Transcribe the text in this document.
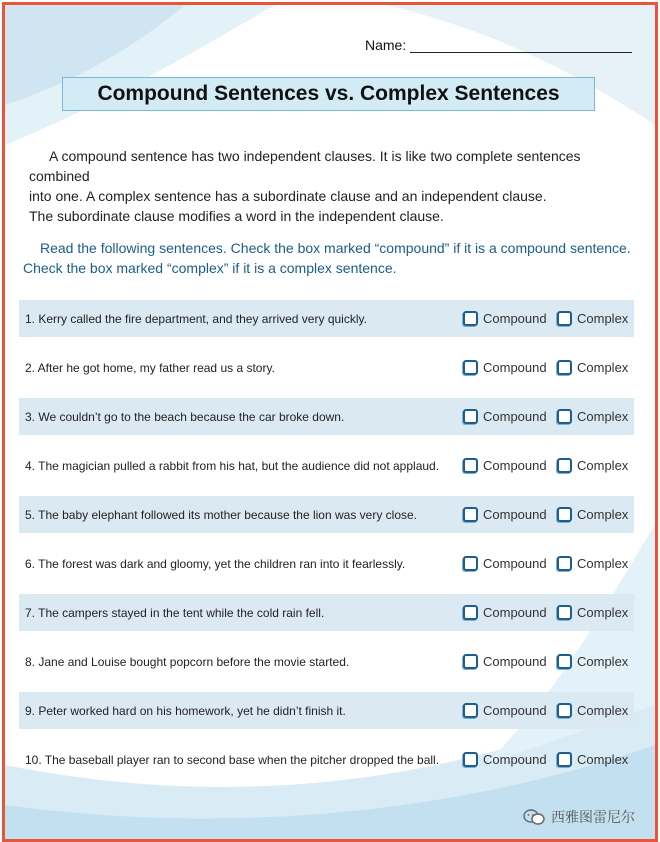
Name:
Compound Sentences vs. Complex Sentences

A compound sentence has two independent clauses. It is like two complete sentences combined

into one. A complex sentence has a subordinate clause and an independent clause.

The subordinate clause modifies a word in the independent clause.

Read the following sentences. Check the box marked “compound” if it is a compound sentence.

Check the box marked “complex” if it is a complex sentence.

1. Kerry called the fire department, and they arrived very quickly.	Compound Complex
2. After he got home, my father read us a story.	Compound Complex
3. We couldn’t go to the beach because the car broke down.	Compound Complex
4. The magician pulled a rabbit from his hat, but the audience did not applaud.	Compound Complex
5. The baby elephant followed its mother because the lion was very close.	Compound Complex
6. The forest was dark and gloomy, yet the children ran into it fearlessly.	Compound Complex
7. The campers stayed in the tent while the cold rain fell.	Compound Complex
8. Jane and Louise bought popcorn before the movie started.	Compound Complex
9. Peter worked hard on his homework, yet he didn’t finish it.	Compound Complex
10. The baseball player ran to second base when the pitcher dropped the ball.	Compound Complex
西雅图雷尼尔
